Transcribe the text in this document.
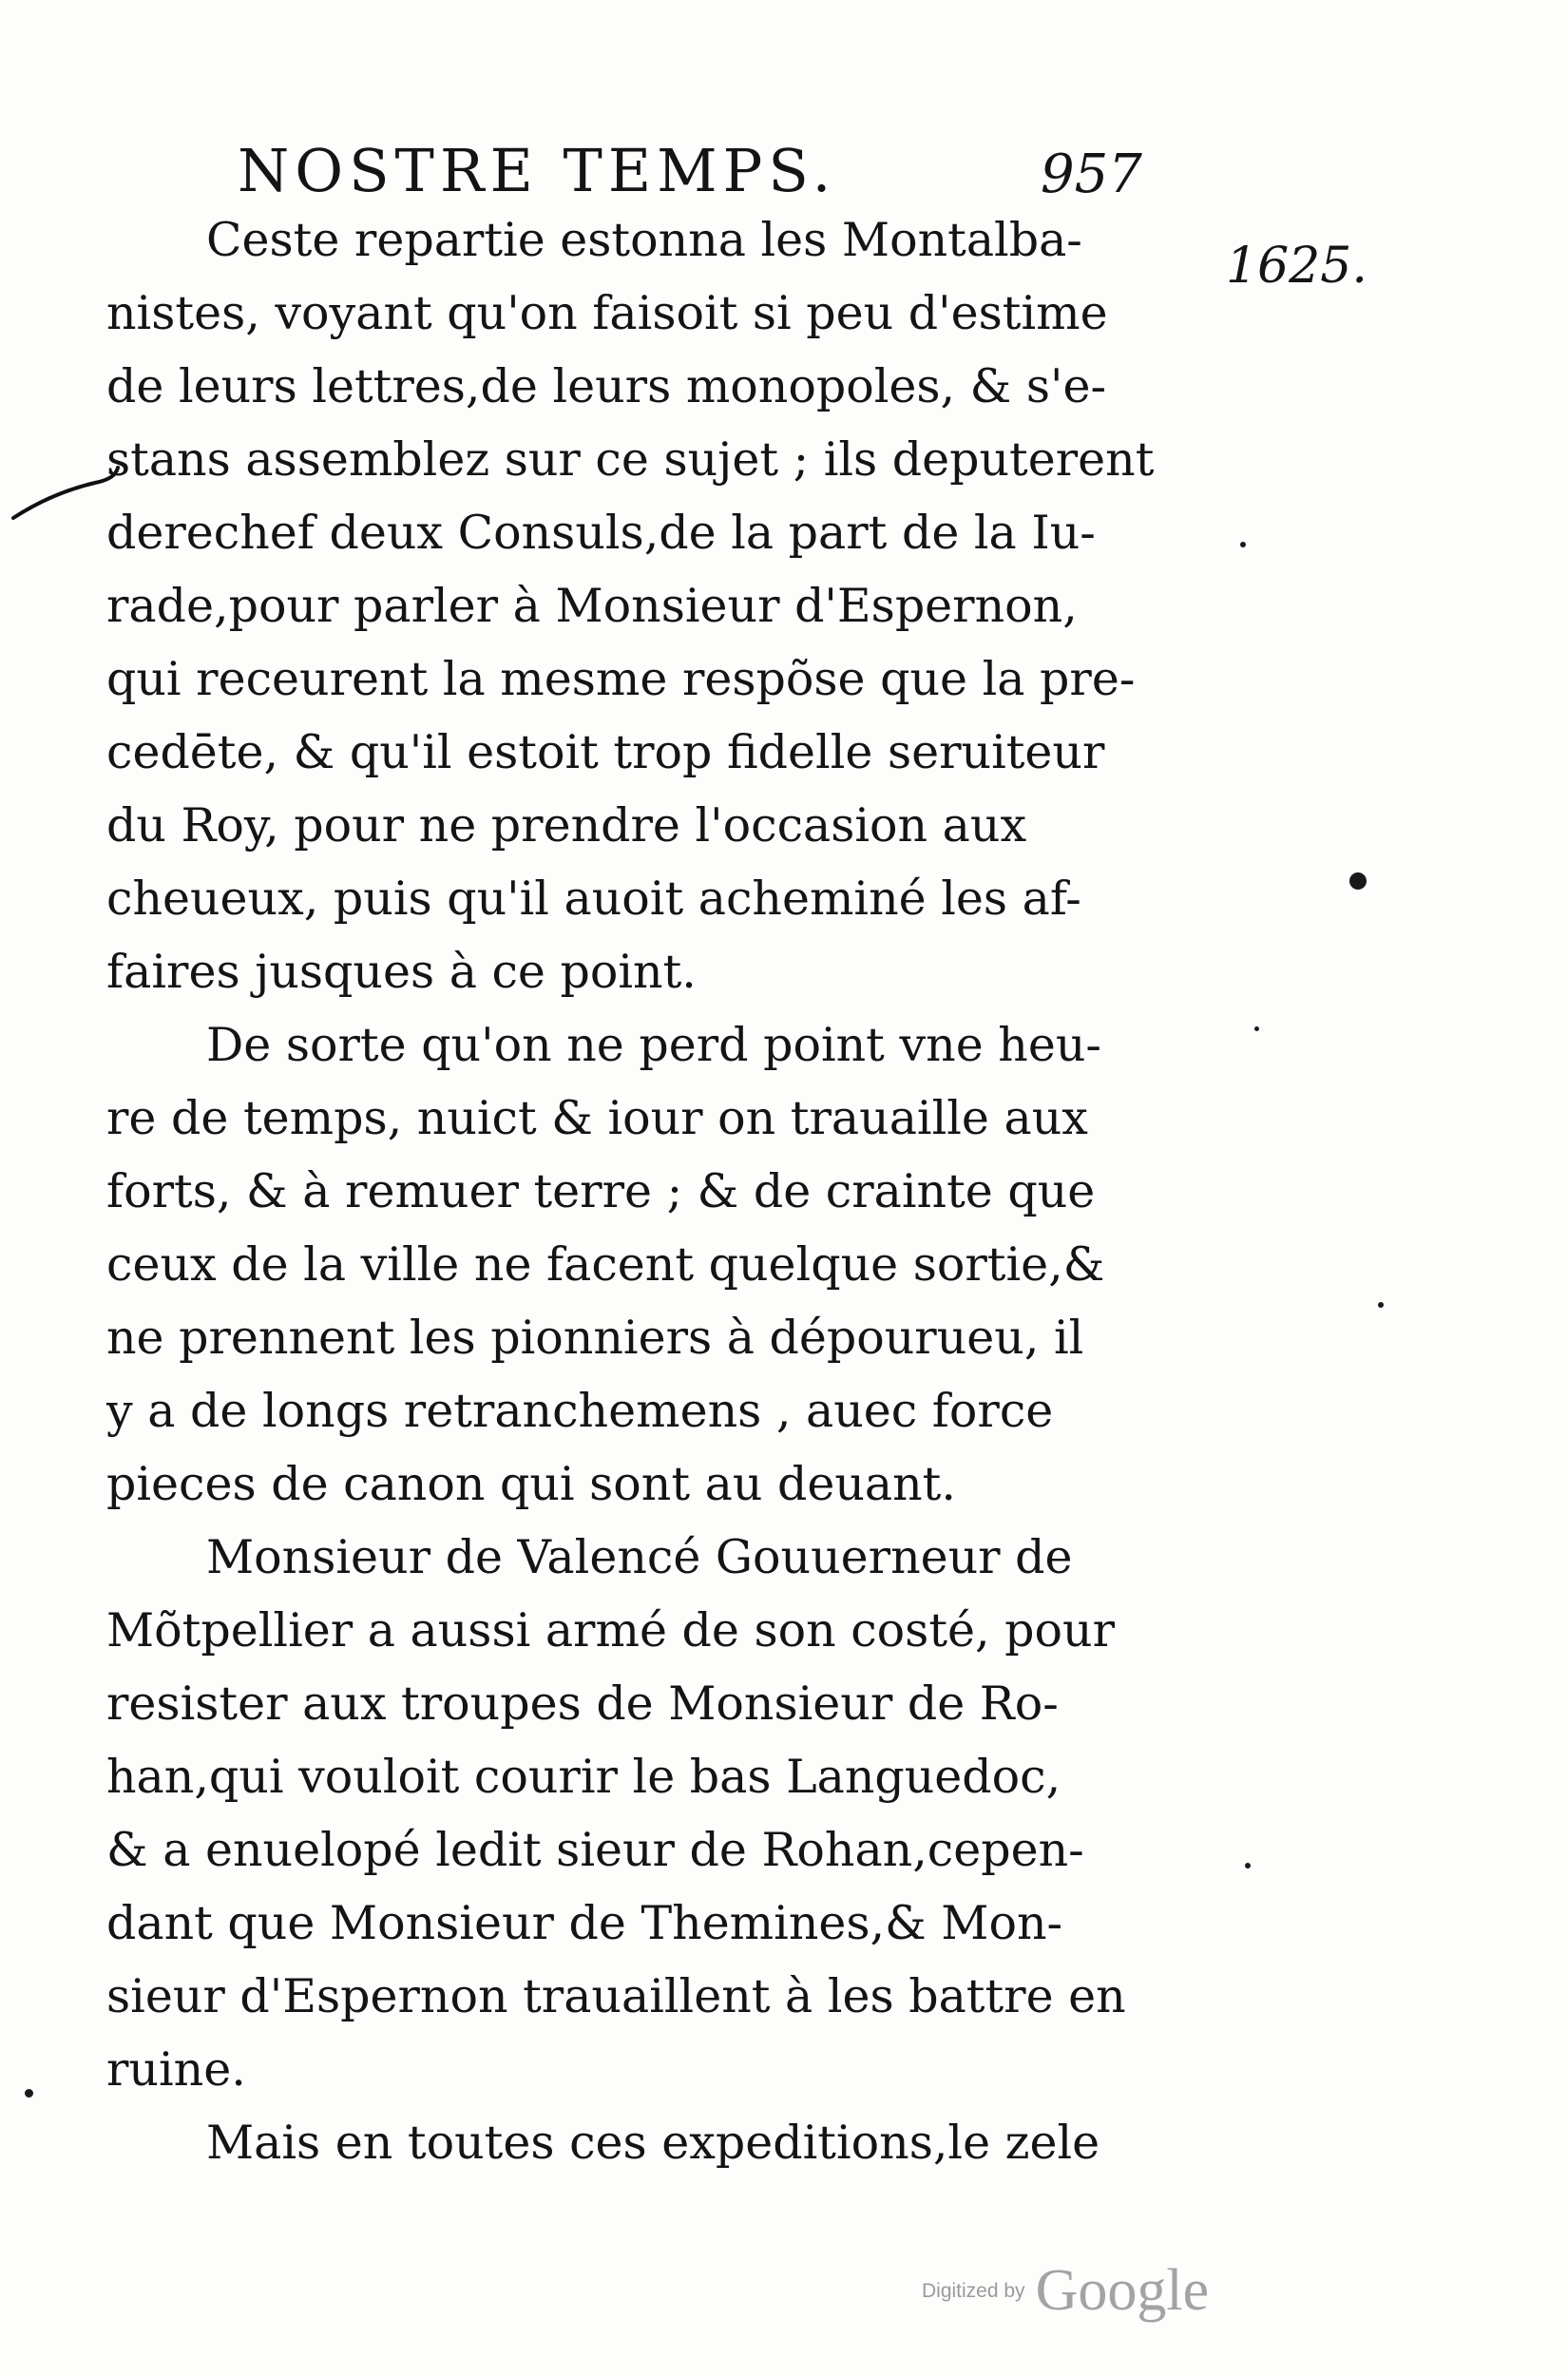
NOSTRE TEMPS.	957
1625.
Ceste repartie estonna les Montalba-
nistes, voyant qu'on faisoit si peu d'estime
de leurs lettres,de leurs monopoles, & s'e-
stans assemblez sur ce sujet ; ils deputerent
derechef deux Consuls,de la part de la Iu-
rade,pour parler à Monsieur d'Espernon,
qui receurent la mesme respõse que la pre-
cedēte, & qu'il estoit trop fidelle seruiteur
du Roy, pour ne prendre l'occasion aux
cheueux, puis qu'il auoit acheminé les af-
faires jusques à ce point.
De sorte qu'on ne perd point vne heu-
re de temps, nuict & iour on trauaille aux
forts, & à remuer terre ; & de crainte que
ceux de la ville ne facent quelque sortie,&
ne prennent les pionniers à dépourueu, il
y a de longs retranchemens , auec force
pieces de canon qui sont au deuant.
Monsieur de Valencé Gouuerneur de
Mõtpellier a aussi armé de son costé, pour
resister aux troupes de Monsieur de Ro-
han,qui vouloit courir le bas Languedoc,
& a enuelopé ledit sieur de Rohan,cepen-
dant que Monsieur de Themines,& Mon-
sieur d'Espernon trauaillent à les battre en
ruine.
Mais en toutes ces expeditions,le zele
Digitized by Google
